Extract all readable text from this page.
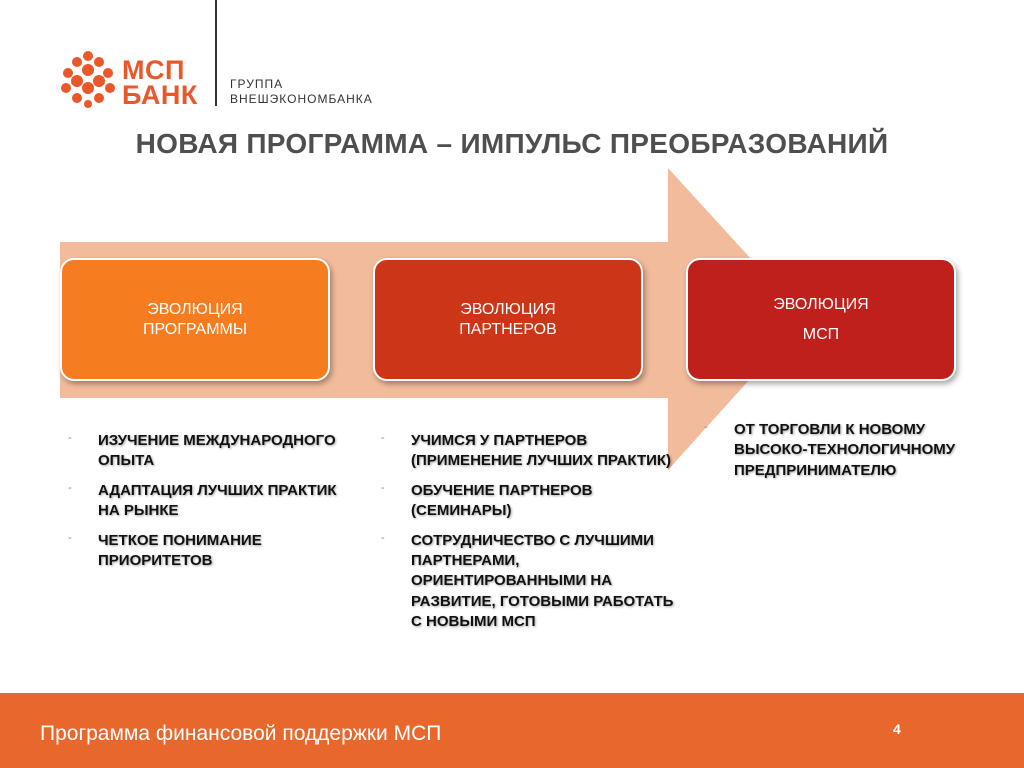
МСП
БАНК	ГРУППА
ВНЕШЭКОНОМБАНКА
НОВАЯ ПРОГРАММА – ИМПУЛЬС ПРЕОБРАЗОВАНИЙ
ЭВОЛЮЦИЯ
ПРОГРАММЫ
ЭВОЛЮЦИЯ
ПАРТНЕРОВ
ЭВОЛЮЦИЯ
МСП
- ИЗУЧЕНИЕ МЕЖДУНАРОДНОГО ОПЫТА
- АДАПТАЦИЯ ЛУЧШИХ ПРАКТИК НА РЫНКЕ
- ЧЕТКОЕ ПОНИМАНИЕ ПРИОРИТЕТОВ
- УЧИМСЯ У ПАРТНЕРОВ (ПРИМЕНЕНИЕ ЛУЧШИХ ПРАКТИК)
- ОБУЧЕНИЕ ПАРТНЕРОВ (СЕМИНАРЫ)
- СОТРУДНИЧЕСТВО С ЛУЧШИМИ ПАРТНЕРАМИ, ОРИЕНТИРОВАННЫМИ НА РАЗВИТИЕ, ГОТОВЫМИ РАБОТАТЬ С НОВЫМИ МСП
- ОТ ТОРГОВЛИ К НОВОМУ ВЫСОКО-ТЕХНОЛОГИЧНОМУ ПРЕДПРИНИМАТЕЛЮ
Программа финансовой поддержки МСП	4
